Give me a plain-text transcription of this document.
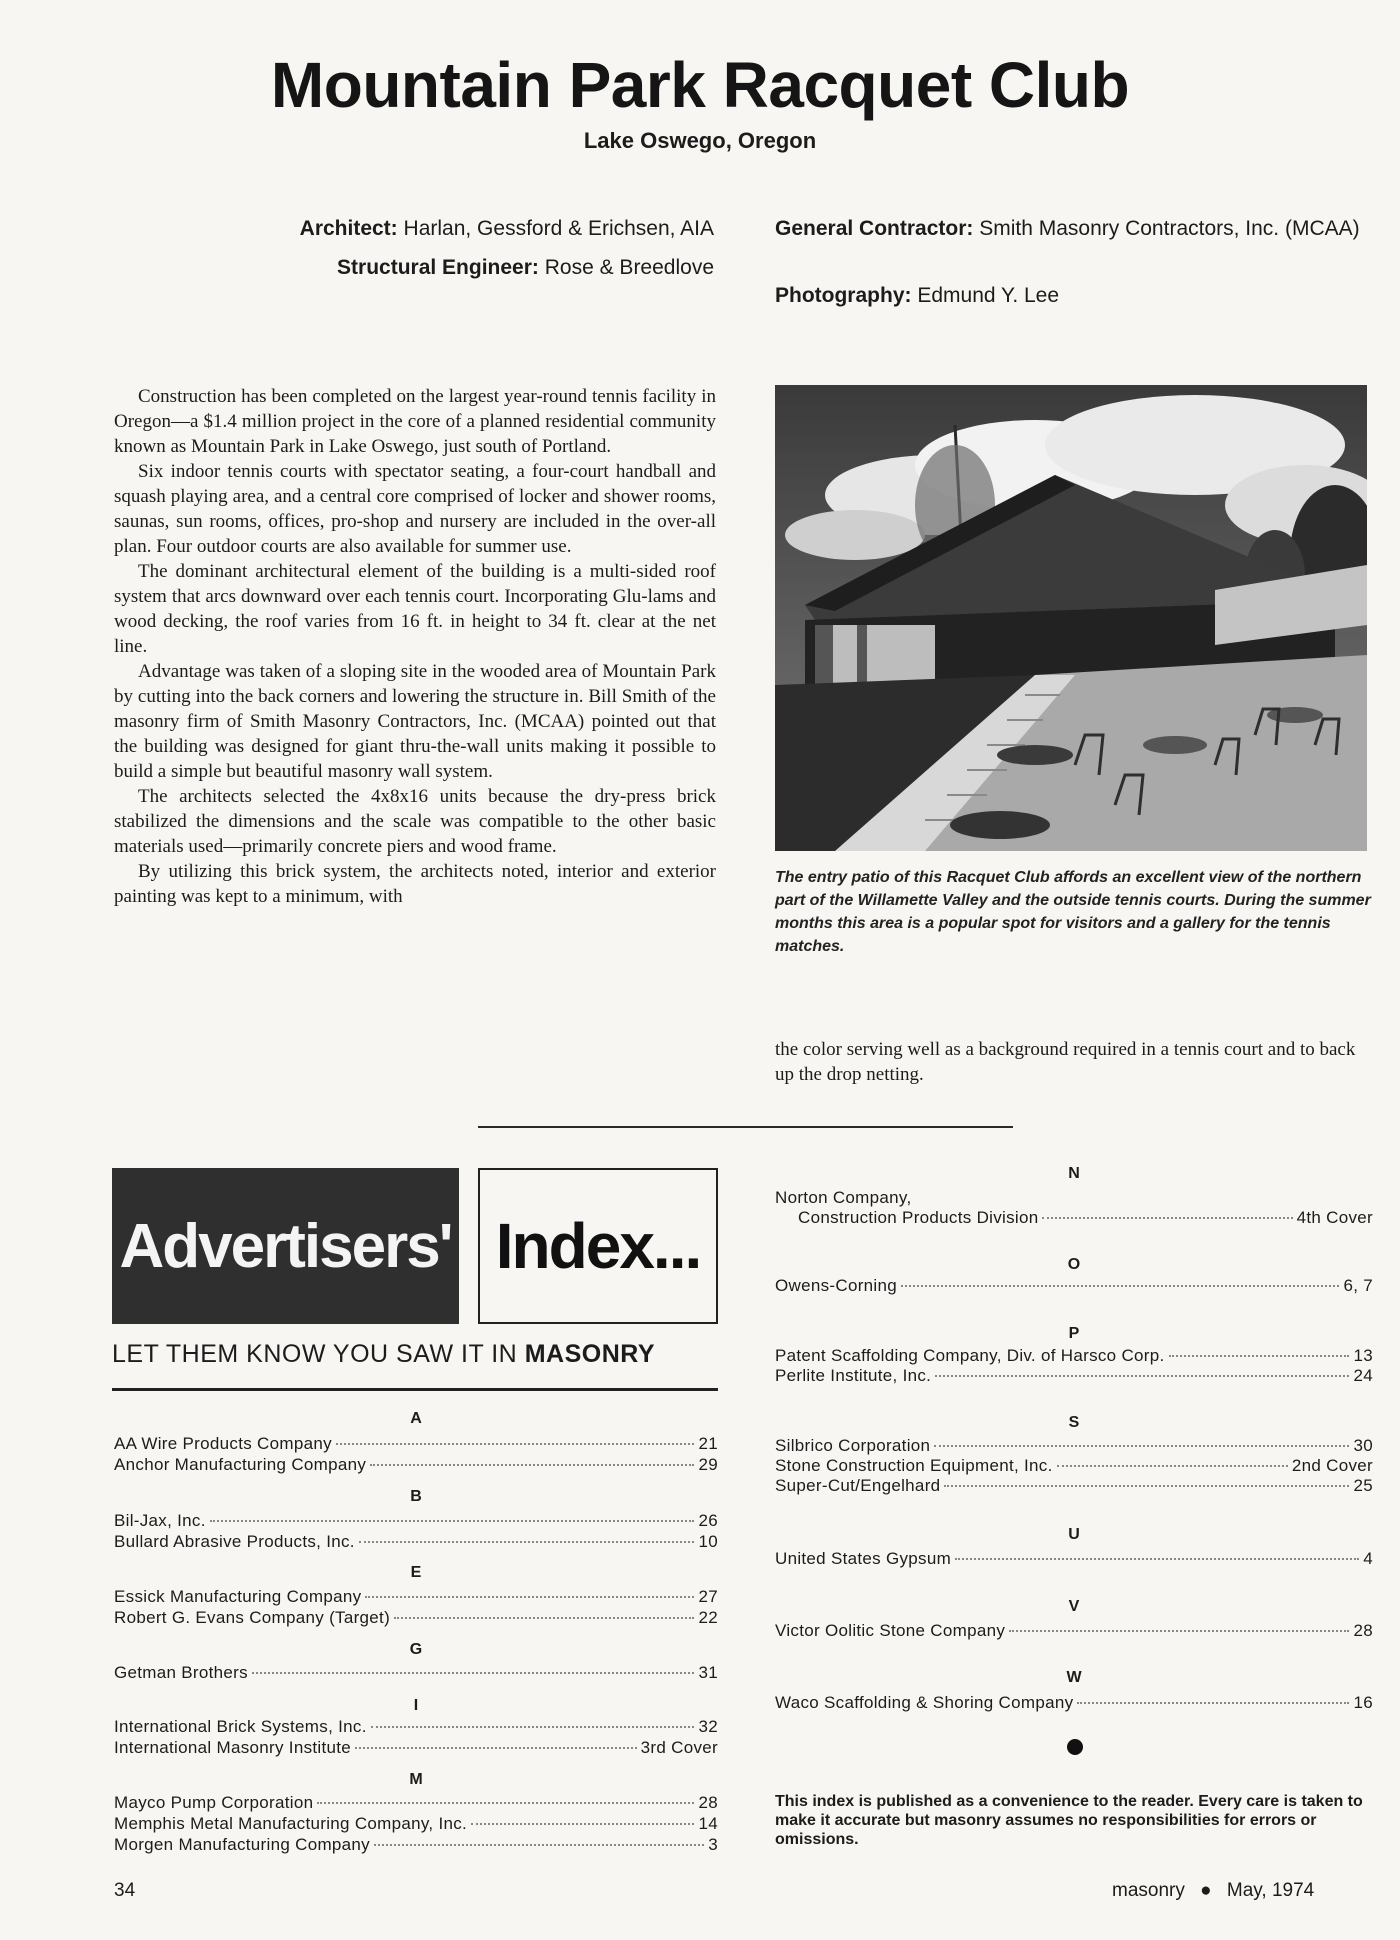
Mountain Park Racquet Club
Lake Oswego, Oregon
Architect: Harlan, Gessford & Erichsen, AIA
Structural Engineer: Rose & Breedlove
General Contractor: Smith Masonry Contractors, Inc. (MCAA)
Photography: Edmund Y. Lee

Construction has been completed on the largest year-round tennis facility in Oregon—a $1.4 million project in the core of a planned residential community known as Mountain Park in Lake Oswego, just south of Portland.

Six indoor tennis courts with spectator seating, a four-court handball and squash playing area, and a central core comprised of locker and shower rooms, saunas, sun rooms, offices, pro-shop and nursery are included in the over-all plan. Four outdoor courts are also available for summer use.

The dominant architectural element of the building is a multi-sided roof system that arcs downward over each tennis court. Incorporating Glu-lams and wood decking, the roof varies from 16 ft. in height to 34 ft. clear at the net line.

Advantage was taken of a sloping site in the wooded area of Mountain Park by cutting into the back corners and lowering the structure in. Bill Smith of the masonry firm of Smith Masonry Contractors, Inc. (MCAA) pointed out that the building was designed for giant thru-the-wall units making it possible to build a simple but beautiful masonry wall system.

The architects selected the 4x8x16 units because the dry-press brick stabilized the dimensions and the scale was compatible to the other basic materials used—primarily concrete piers and wood frame.

By utilizing this brick system, the architects noted, interior and exterior painting was kept to a minimum, with

The entry patio of this Racquet Club affords an excellent view of the northern part of the Willamette Valley and the outside tennis courts. During the summer months this area is a popular spot for visitors and a gallery for the tennis matches.
the color serving well as a background required in a tennis court and to back up the drop netting.
Advertisers' Index...
LET THEM KNOW YOU SAW IT IN MASONRY
A
AA Wire Products Company	21
Anchor Manufacturing Company	29
B
Bil-Jax, Inc.	26
Bullard Abrasive Products, Inc.	10
E
Essick Manufacturing Company	27
Robert G. Evans Company (Target)	22
G
Getman Brothers	31
I
International Brick Systems, Inc.	32
International Masonry Institute	3rd Cover
M
Mayco Pump Corporation	28
Memphis Metal Manufacturing Company, Inc.	14
Morgen Manufacturing Company	3
N
Norton Company,
Construction Products Division	4th Cover
O
Owens-Corning	6, 7
P
Patent Scaffolding Company, Div. of Harsco Corp.	13
Perlite Institute, Inc.	24
S
Silbrico Corporation	30
Stone Construction Equipment, Inc.	2nd Cover
Super-Cut/Engelhard	25
U
United States Gypsum	4
V
Victor Oolitic Stone Company	28
W
Waco Scaffolding & Shoring Company	16
This index is published as a convenience to the reader. Every care is taken to make it accurate but masonry assumes no responsibilities for errors or omissions.
34	masonry ● May, 1974
